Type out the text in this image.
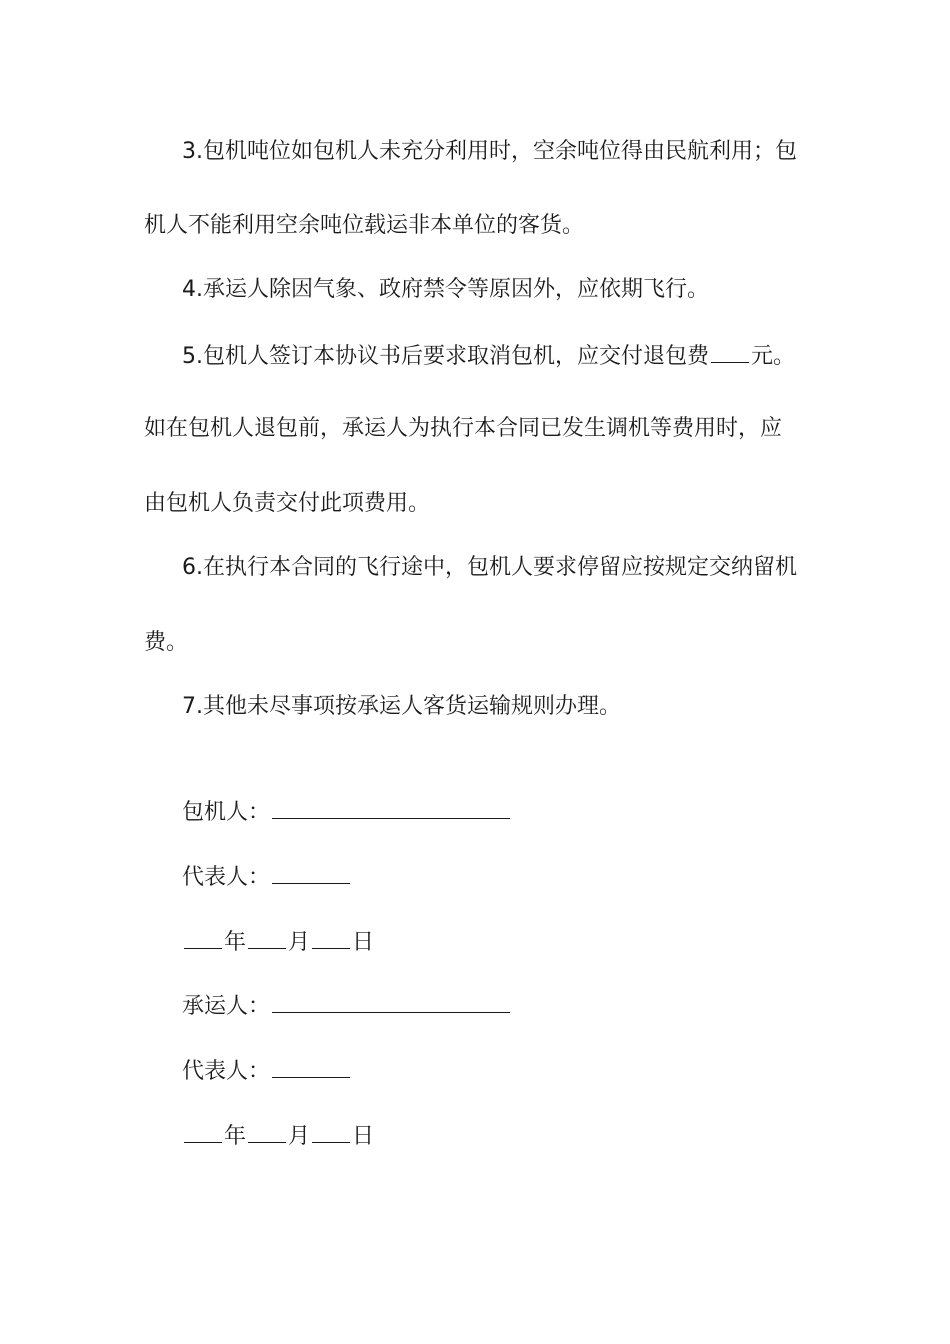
3.包机吨位如包机人未充分利用时，空余吨位得由民航利用；包
机人不能利用空余吨位载运非本单位的客货。
4.承运人除因气象、政府禁令等原因外，应依期飞行。
5.包机人签订本协议书后要求取消包机，应交付退包费 元。
如在包机人退包前，承运人为执行本合同已发生调机等费用时，应
由包机人负责交付此项费用。
6.在执行本合同的飞行途中，包机人要求停留应按规定交纳留机
费。
7.其他未尽事项按承运人客货运输规则办理。
包机人：
代表人：
年 月 日
承运人：
代表人：
年 月 日
